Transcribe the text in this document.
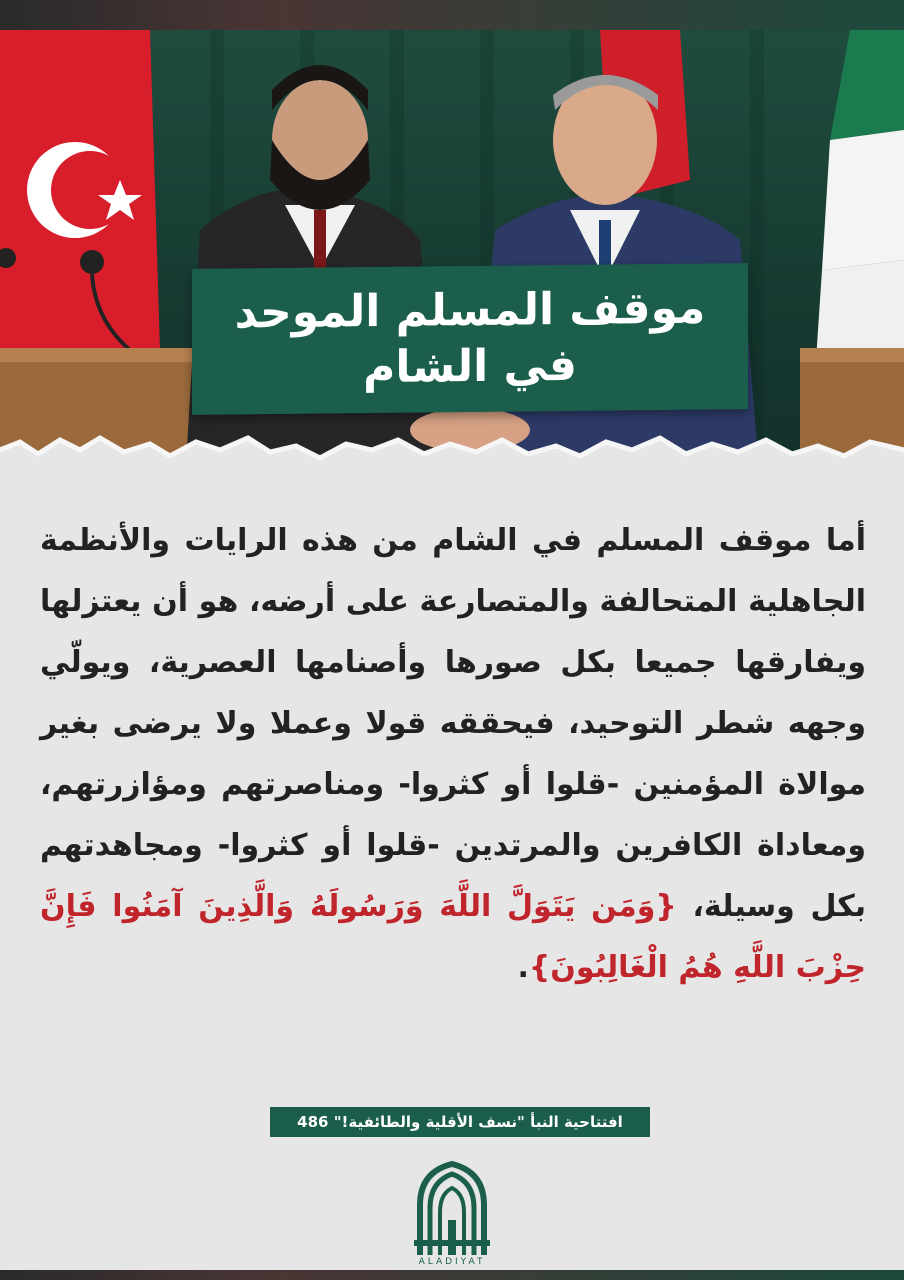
موقف المسلم الموحد
في الشام
أما موقف المسلم في الشام من هذه الرايات والأنظمة الجاهلية المتحالفة والمتصارعة على أرضه، هو أن يعتزلها ويفارقها جميعا بكل صورها وأصنامها العصرية، ويولّي وجهه شطر التوحيد، فيحققه قولا وعملا ولا يرضى بغير موالاة المؤمنين -قلوا أو كثروا- ومناصرتهم ومؤازرتهم، ومعاداة الكافرين والمرتدين -قلوا أو كثروا- ومجاهدتهم بكل وسيلة، {وَمَن يَتَوَلَّ اللَّهَ وَرَسُولَهُ وَالَّذِينَ آمَنُوا فَإِنَّ حِزْبَ اللَّهِ هُمُ الْغَالِبُونَ}.
افتتاحية النبأ "نسف الأقلية والطائفية!" 486
ALADIYAT
